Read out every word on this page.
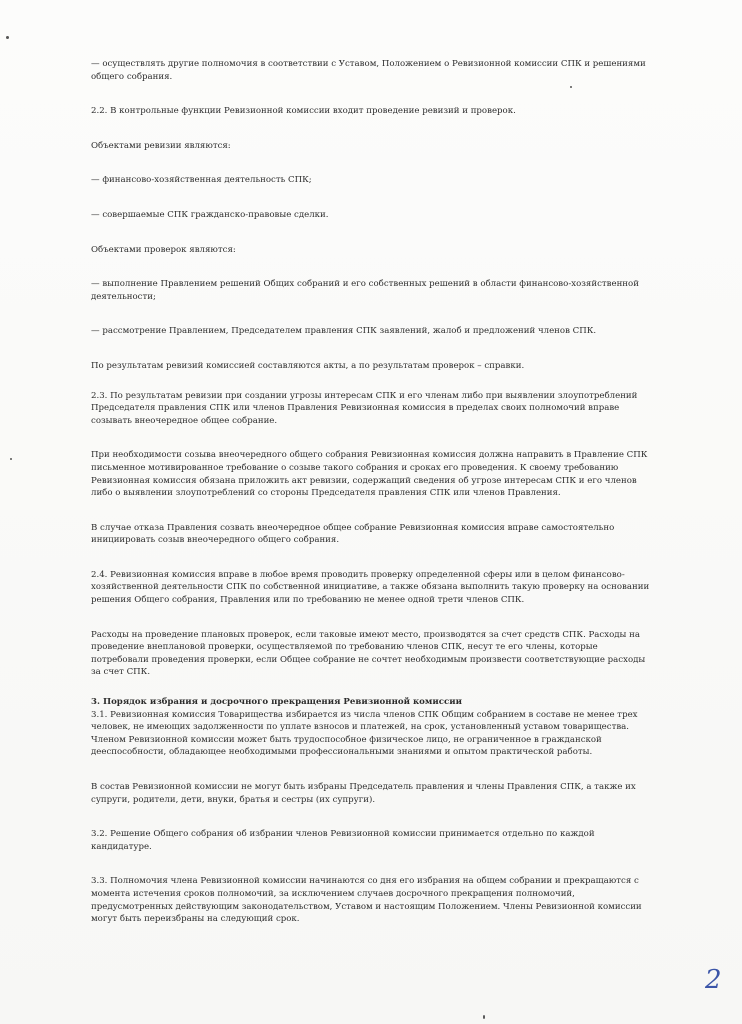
— осуществлять другие полномочия в соответствии с Уставом, Положением о Ревизионной комиссии СПК и решениями общего собрания.

2.2. В контрольные функции Ревизионной комиссии входит проведение ревизий и проверок.

Объектами ревизии являются:

— финансово-хозяйственная деятельность СПК;

— совершаемые СПК гражданско-правовые сделки.

Объектами проверок являются:

— выполнение Правлением решений Общих собраний и его собственных решений в области финансово-хозяйственной деятельности;

— рассмотрение Правлением, Председателем правления СПК заявлений, жалоб и предложений членов СПК.

По результатам ревизий комиссией составляются акты, а по результатам проверок – справки.

2.3. По результатам ревизии при создании угрозы интересам СПК и его членам либо при выявлении злоупотреблений Председателя правления СПК или членов Правления Ревизионная комиссия в пределах своих полномочий вправе созывать внеочередное общее собрание.

При необходимости созыва внеочередного общего собрания Ревизионная комиссия должна направить в Правление СПК письменное мотивированное требование о созыве такого собрания и сроках его проведения. К своему требованию Ревизионная комиссия обязана приложить акт ревизии, содержащий сведения об угрозе интересам СПК и его членов либо о выявлении злоупотреблений со стороны Председателя правления СПК или членов Правления.

В случае отказа Правления созвать внеочередное общее собрание Ревизионная комиссия вправе самостоятельно инициировать созыв внеочередного общего собрания.

2.4. Ревизионная комиссия вправе в любое время проводить проверку определенной сферы или в целом финансово-хозяйственной деятельности СПК по собственной инициативе, а также обязана выполнить такую проверку на основании решения Общего собрания, Правления или по требованию не менее одной трети членов СПК.

Расходы на проведение плановых проверок, если таковые имеют место, производятся за счет средств СПК. Расходы на проведение внеплановой проверки, осуществляемой по требованию членов СПК, несут те его члены, которые потребовали проведения проверки, если Общее собрание не сочтет необходимым произвести соответствующие расходы за счет СПК.

3. Порядок избрания и досрочного прекращения Ревизионной комиссии

3.1. Ревизионная комиссия Товарищества избирается из числа членов СПК Общим собранием в составе не менее трех человек, не имеющих задолженности по уплате взносов и платежей, на срок, установленный уставом товарищества. Членом Ревизионной комиссии может быть трудоспособное физическое лицо, не ограниченное в гражданской дееспособности, обладающее необходимыми профессиональными знаниями и опытом практической работы.

В состав Ревизионной комиссии не могут быть избраны Председатель правления и члены Правления СПК, а также их супруги, родители, дети, внуки, братья и сестры (их супруги).

3.2. Решение Общего собрания об избрании членов Ревизионной комиссии принимается отдельно по каждой кандидатуре.

3.3. Полномочия члена Ревизионной комиссии начинаются со дня его избрания на общем собрании и прекращаются с момента истечения сроков полномочий, за исключением случаев досрочного прекращения полномочий, предусмотренных действующим законодательством, Уставом и настоящим Положением. Члены Ревизионной комиссии могут быть переизбраны на следующий срок.

2
